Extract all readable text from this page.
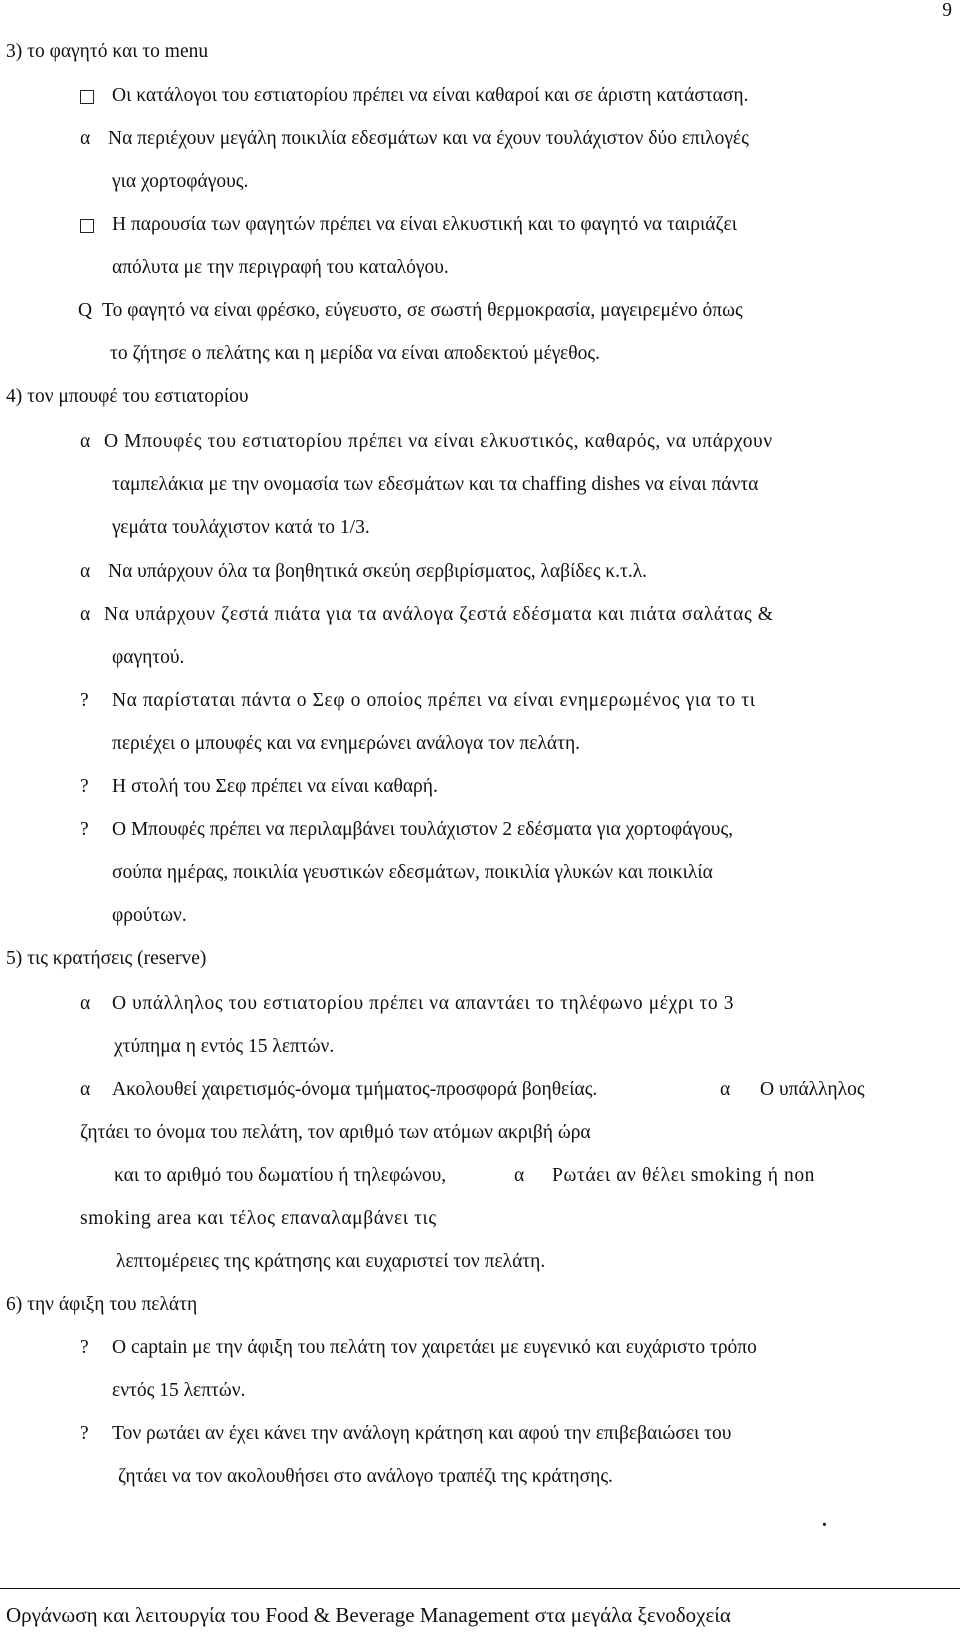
9
3) το φαγητό και το menu
Οι κατάλογοι του εστιατορίου πρέπει να είναι καθαροί και σε άριστη κατάσταση.
α Να περιέχουν μεγάλη ποικιλία εδεσμάτων και να έχουν τουλάχιστον δύο επιλογές
για χορτοφάγους.
Η παρουσία των φαγητών πρέπει να είναι ελκυστική και το φαγητό να ταιριάζει
απόλυτα με την περιγραφή του καταλόγου.
Q Το φαγητό να είναι φρέσκο, εύγευστο, σε σωστή θερμοκρασία, μαγειρεμένο όπως
το ζήτησε ο πελάτης και η μερίδα να είναι αποδεκτού μέγεθος.
4) τον μπουφέ του εστιατορίου
α Ο Μπουφές του εστιατορίου πρέπει να είναι ελκυστικός, καθαρός, να υπάρχουν
ταμπελάκια με την ονομασία των εδεσμάτων και τα chaffing dishes να είναι πάντα
γεμάτα τουλάχιστον κατά το 1/3.
α Να υπάρχουν όλα τα βοηθητικά σκεύη σερβιρίσματος, λαβίδες κ.τ.λ.
α Να υπάρχουν ζεστά πιάτα για τα ανάλογα ζεστά εδέσματα και πιάτα σαλάτας &
φαγητού.
? Να παρίσταται πάντα ο Σεφ ο οποίος πρέπει να είναι ενημερωμένος για το τι
περιέχει ο μπουφές και να ενημερώνει ανάλογα τον πελάτη.
? Η στολή του Σεφ πρέπει να είναι καθαρή.
? Ο Μπουφές πρέπει να περιλαμβάνει τουλάχιστον 2 εδέσματα για χορτοφάγους,
σούπα ημέρας, ποικιλία γευστικών εδεσμάτων, ποικιλία γλυκών και ποικιλία
φρούτων.
5) τις κρατήσεις (reserve)
α Ο υπάλληλος του εστιατορίου πρέπει να απαντάει το τηλέφωνο μέχρι το 3
χτύπημα η εντός 15 λεπτών.
α Ακολουθεί χαιρετισμός-όνομα τμήματος-προσφορά βοηθείας.	α Ο υπάλληλος
ζητάει το όνομα του πελάτη, τον αριθμό των ατόμων ακριβή ώρα
και το αριθμό του δωματίου ή τηλεφώνου,	α Ρωτάει αν θέλει smoking ή non
smoking area και τέλος επαναλαμβάνει τις
λεπτομέρειες της κράτησης και ευχαριστεί τον πελάτη.
6) την άφιξη του πελάτη
? Ο captain με την άφιξη του πελάτη τον χαιρετάει με ευγενικό και ευχάριστο τρόπο
εντός 15 λεπτών.
? Τον ρωτάει αν έχει κάνει την ανάλογη κράτηση και αφού την επιβεβαιώσει του
ζητάει να τον ακολουθήσει στο ανάλογο τραπέζι της κράτησης.
.
Οργάνωση και λειτουργία του Food & Beverage Management στα μεγάλα ξενοδοχεία
